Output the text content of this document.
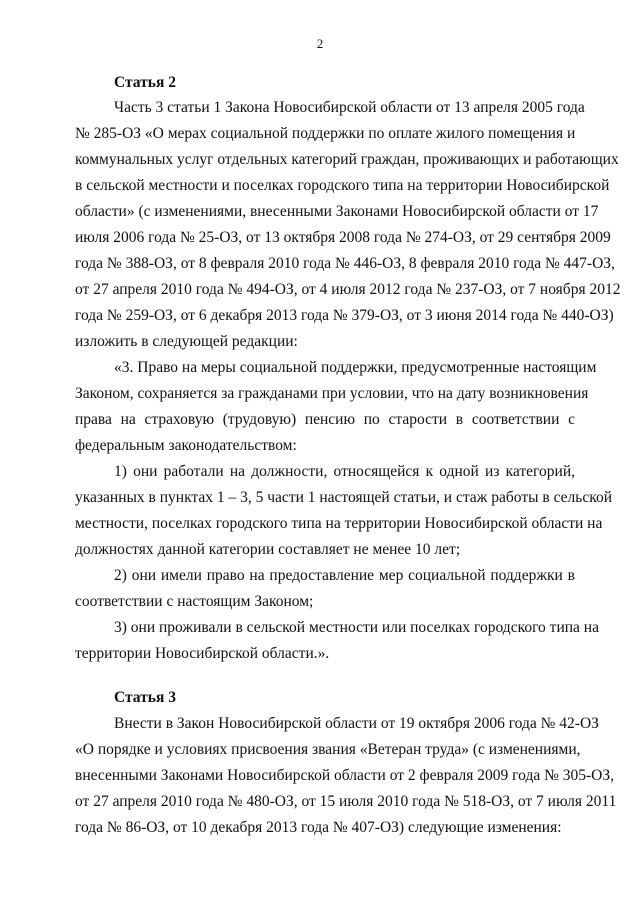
2
Статья 2
Часть 3 статьи 1 Закона Новосибирской области от 13 апреля 2005 года
№ 285-ОЗ «О мерах социальной поддержки по оплате жилого помещения и
коммунальных услуг отдельных категорий граждан, проживающих и работающих
в сельской местности и поселках городского типа на территории Новосибирской
области» (с изменениями, внесенными Законами Новосибирской области от 17
июля 2006 года № 25-ОЗ, от 13 октября 2008 года № 274-ОЗ, от 29 сентября 2009
года № 388-ОЗ, от 8 февраля 2010 года № 446-ОЗ, 8 февраля 2010 года № 447-ОЗ,
от 27 апреля 2010 года № 494-ОЗ, от 4 июля 2012 года № 237-ОЗ, от 7 ноября 2012
года № 259-ОЗ, от 6 декабря 2013 года № 379-ОЗ, от 3 июня 2014 года № 440-ОЗ)
изложить в следующей редакции:
«3. Право на меры социальной поддержки, предусмотренные настоящим
Законом, сохраняется за гражданами при условии, что на дату возникновения
права на страховую (трудовую) пенсию по старости в соответствии с
федеральным законодательством:
1) они работали на должности, относящейся к одной из категорий,
указанных в пунктах 1 – 3, 5 части 1 настоящей статьи, и стаж работы в сельской
местности, поселках городского типа на территории Новосибирской области на
должностях данной категории составляет не менее 10 лет;
2) они имели право на предоставление мер социальной поддержки в
соответствии с настоящим Законом;
3) они проживали в сельской местности или поселках городского типа на
территории Новосибирской области.».
Статья 3
Внести в Закон Новосибирской области от 19 октября 2006 года № 42-ОЗ
«О порядке и условиях присвоения звания «Ветеран труда» (с изменениями,
внесенными Законами Новосибирской области от 2 февраля 2009 года № 305-ОЗ,
от 27 апреля 2010 года № 480-ОЗ, от 15 июля 2010 года № 518-ОЗ, от 7 июля 2011
года № 86-ОЗ, от 10 декабря 2013 года № 407-ОЗ) следующие изменения:
